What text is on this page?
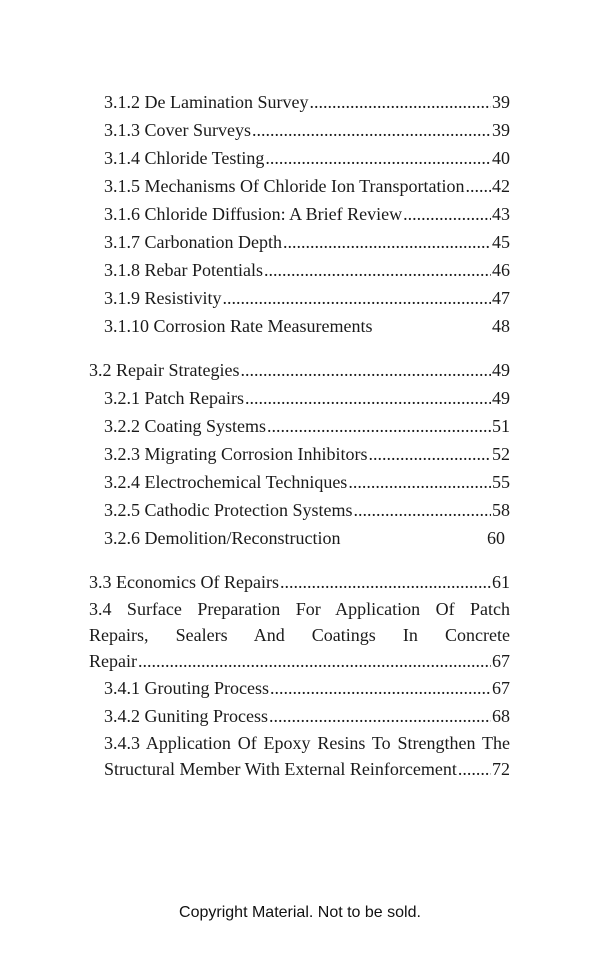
3.1.2 De Lamination Survey .....	39
3.1.3 Cover Surveys .....	39
3.1.4 Chloride Testing .....	40
3.1.5 Mechanisms Of Chloride Ion Transportation ..... 42
3.1.6 Chloride Diffusion: A Brief Review .....	43
3.1.7 Carbonation Depth .....	45
3.1.8 Rebar Potentials .....	46
3.1.9 Resistivity .....	47
3.1.10 Corrosion Rate Measurements	48
3.2 Repair Strategies .....	49
3.2.1 Patch Repairs .....	49
3.2.2 Coating Systems .....	51
3.2.3 Migrating Corrosion Inhibitors .....	52
3.2.4 Electrochemical Techniques .....	55
3.2.5 Cathodic Protection Systems .....	58
3.2.6 Demolition/Reconstruction	60
3.3 Economics Of Repairs .....	61
3.4 Surface Preparation For Application Of Patch
Repairs, Sealers And Coatings In Concrete
Repair .....	67
3.4.1 Grouting Process .....	67
3.4.2 Guniting Process .....	68
3.4.3 Application Of Epoxy Resins To Strengthen The
Structural Member With External Reinforcement ..... 72
Copyright Material. Not to be sold.
